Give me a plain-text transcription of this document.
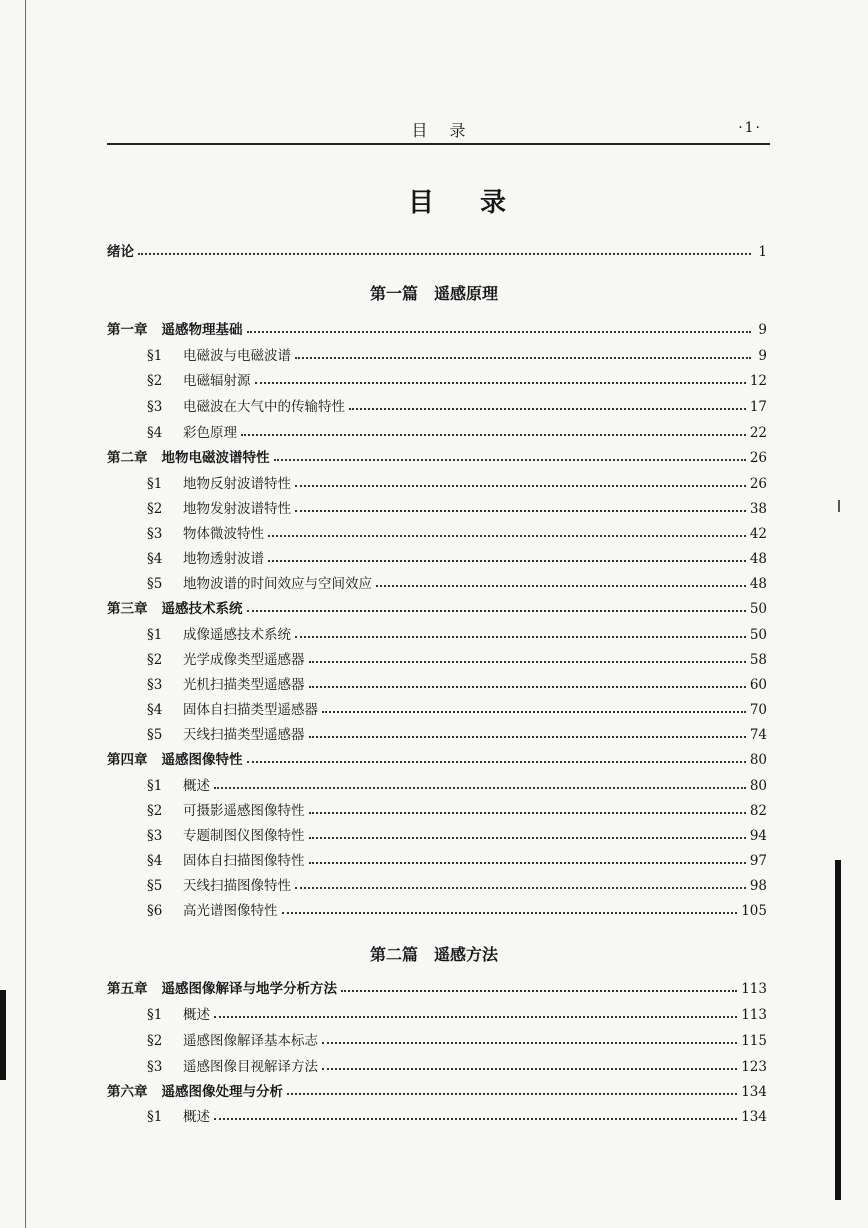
目录	·1·
目录
绪论	1
第一篇　遥感原理
第二篇　遥感方法
第一章 遥感物理基础	9
§1	电磁波与电磁波谱	9
§2	电磁辐射源	12
§3	电磁波在大气中的传输特性	17
§4	彩色原理	22
第二章 地物电磁波谱特性	26
§1	地物反射波谱特性	26
§2	地物发射波谱特性	38
§3	物体微波特性	42
§4	地物透射波谱	48
§5	地物波谱的时间效应与空间效应	48
第三章 遥感技术系统	50
§1	成像遥感技术系统	50
§2	光学成像类型遥感器	58
§3	光机扫描类型遥感器	60
§4	固体自扫描类型遥感器	70
§5	天线扫描类型遥感器	74
第四章 遥感图像特性	80
§1	概述	80
§2	可摄影遥感图像特性	82
§3	专题制图仪图像特性	94
§4	固体自扫描图像特性	97
§5	天线扫描图像特性	98
§6	高光谱图像特性	105
第五章 遥感图像解译与地学分析方法	113
§1	概述	113
§2	遥感图像解译基本标志	115
§3	遥感图像目视解译方法	123
第六章 遥感图像处理与分析	134
§1	概述	134
